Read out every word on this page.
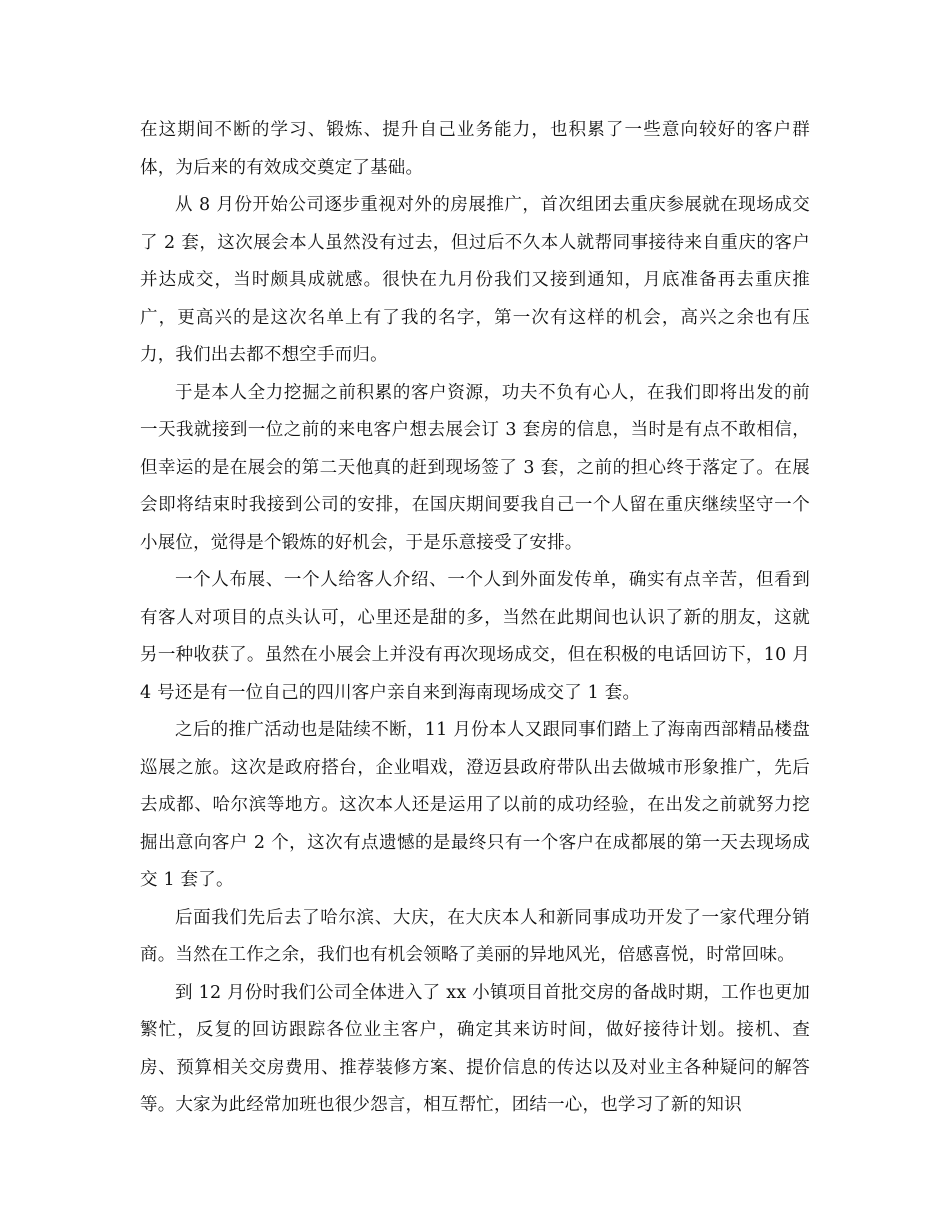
在这期间不断的学习、锻炼、提升自己业务能力，也积累了一些意向较好的客户群体，为后来的有效成交奠定了基础。

从 8 月份开始公司逐步重视对外的房展推广，首次组团去重庆参展就在现场成交了 2 套，这次展会本人虽然没有过去，但过后不久本人就帮同事接待来自重庆的客户并达成交，当时颇具成就感。很快在九月份我们又接到通知，月底准备再去重庆推广，更高兴的是这次名单上有了我的名字，第一次有这样的机会，高兴之余也有压力，我们出去都不想空手而归。

于是本人全力挖掘之前积累的客户资源，功夫不负有心人，在我们即将出发的前一天我就接到一位之前的来电客户想去展会订 3 套房的信息，当时是有点不敢相信，但幸运的是在展会的第二天他真的赶到现场签了 3 套，之前的担心终于落定了。在展会即将结束时我接到公司的安排，在国庆期间要我自己一个人留在重庆继续坚守一个小展位，觉得是个锻炼的好机会，于是乐意接受了安排。

一个人布展、一个人给客人介绍、一个人到外面发传单，确实有点辛苦，但看到有客人对项目的点头认可，心里还是甜的多，当然在此期间也认识了新的朋友，这就另一种收获了。虽然在小展会上并没有再次现场成交，但在积极的电话回访下，10 月 4 号还是有一位自己的四川客户亲自来到海南现场成交了 1 套。

之后的推广活动也是陆续不断，11 月份本人又跟同事们踏上了海南西部精品楼盘巡展之旅。这次是政府搭台，企业唱戏，澄迈县政府带队出去做城市形象推广，先后去成都、哈尔滨等地方。这次本人还是运用了以前的成功经验，在出发之前就努力挖掘出意向客户 2 个，这次有点遗憾的是最终只有一个客户在成都展的第一天去现场成交 1 套了。

后面我们先后去了哈尔滨、大庆，在大庆本人和新同事成功开发了一家代理分销商。当然在工作之余，我们也有机会领略了美丽的异地风光，倍感喜悦，时常回味。

到 12 月份时我们公司全体进入了 xx 小镇项目首批交房的备战时期，工作也更加繁忙，反复的回访跟踪各位业主客户，确定其来访时间，做好接待计划。接机、查房、预算相关交房费用、推荐装修方案、提价信息的传达以及对业主各种疑问的解答等。大家为此经常加班也很少怨言，相互帮忙，团结一心，也学习了新的知识
